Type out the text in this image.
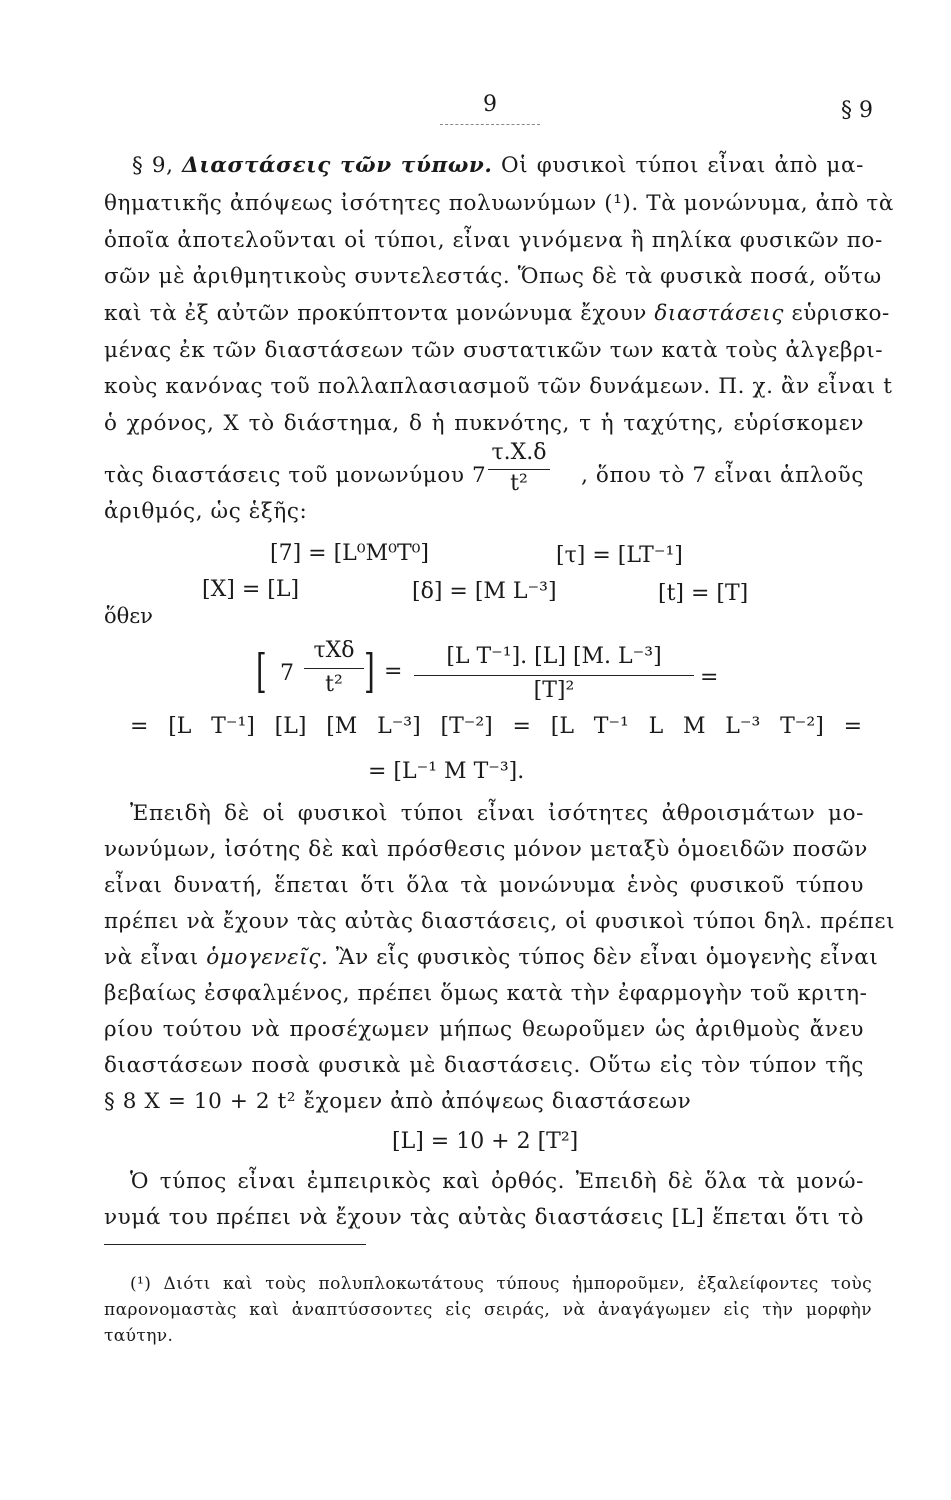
9	§ 9
§ 9, Διαστάσεις τῶν τύπων. Οἱ φυσικοὶ τύποι εἶναι ἀπὸ μα-
θηματικῆς ἀπόψεως ἰσότητες πολυωνύμων (¹). Τὰ μονώνυμα, ἀπὸ τὰ
ὁποῖα ἀποτελοῦνται οἱ τύποι, εἶναι γινόμενα ἢ πηλίκα φυσικῶν πο-
σῶν μὲ ἀριθμητικοὺς συντελεστάς. Ὅπως δὲ τὰ φυσικὰ ποσά, οὕτω
καὶ τὰ ἐξ αὐτῶν προκύπτοντα μονώνυμα ἔχουν διαστάσεις εὑρισκο-
μένας ἐκ τῶν διαστάσεων τῶν συστατικῶν των κατὰ τοὺς ἀλγεβρι-
κοὺς κανόνας τοῦ πολλαπλασιασμοῦ τῶν δυνάμεων. Π. χ. ἂν εἶναι t
ὁ χρόνος, X τὸ διάστημα, δ ἡ πυκνότης, τ ἡ ταχύτης, εὑρίσκομεν
τὰς διαστάσεις τοῦ μονωνύμου 7
τ.X.δ
t²	, ὅπου τὸ 7 εἶναι ἁπλοῦς
ἀριθμός, ὡς ἑξῆς:
[7] = [L⁰M⁰T⁰]	[τ] = [LT⁻¹]
[X] = [L]	[δ] = [M L⁻³]	[t] = [T]
ὅθεν
[ 7
τXδ
t² ] =
[L T⁻¹]. [L] [M. L⁻³]
[T]²
=
= [L T⁻¹] [L] [M L⁻³] [T⁻²] = [L T⁻¹ L M L⁻³ T⁻²] =
= [L⁻¹ M T⁻³].
Ἐπειδὴ δὲ οἱ φυσικοὶ τύποι εἶναι ἰσότητες ἀθροισμάτων μο-
νωνύμων, ἰσότης δὲ καὶ πρόσθεσις μόνον μεταξὺ ὁμοειδῶν ποσῶν
εἶναι δυνατή, ἕπεται ὅτι ὅλα τὰ μονώνυμα ἑνὸς φυσικοῦ τύπου
πρέπει νὰ ἔχουν τὰς αὐτὰς διαστάσεις, οἱ φυσικοὶ τύποι δηλ. πρέπει
νὰ εἶναι ὁμογενεῖς. Ἂν εἷς φυσικὸς τύπος δὲν εἶναι ὁμογενὴς εἶναι
βεβαίως ἐσφαλμένος, πρέπει ὅμως κατὰ τὴν ἐφαρμογὴν τοῦ κριτη-
ρίου τούτου νὰ προσέχωμεν μήπως θεωροῦμεν ὡς ἀριθμοὺς ἄνευ
διαστάσεων ποσὰ φυσικὰ μὲ διαστάσεις. Οὕτω εἰς τὸν τύπον τῆς
§ 8 X = 10 + 2 t² ἔχομεν ἀπὸ ἀπόψεως διαστάσεων
[L] = 10 + 2 [T²]
Ὁ τύπος εἶναι ἐμπειρικὸς καὶ ὀρθός. Ἐπειδὴ δὲ ὅλα τὰ μονώ-
νυμά του πρέπει νὰ ἔχουν τὰς αὐτὰς διαστάσεις [L] ἕπεται ὅτι τὸ
(¹) Διότι καὶ τοὺς πολυπλοκωτάτους τύπους ἠμποροῦμεν, ἐξαλείφοντες τοὺς
παρονομαστὰς καὶ ἀναπτύσσοντες εἰς σειράς, νὰ ἀναγάγωμεν εἰς τὴν μορφὴν
ταύτην.
